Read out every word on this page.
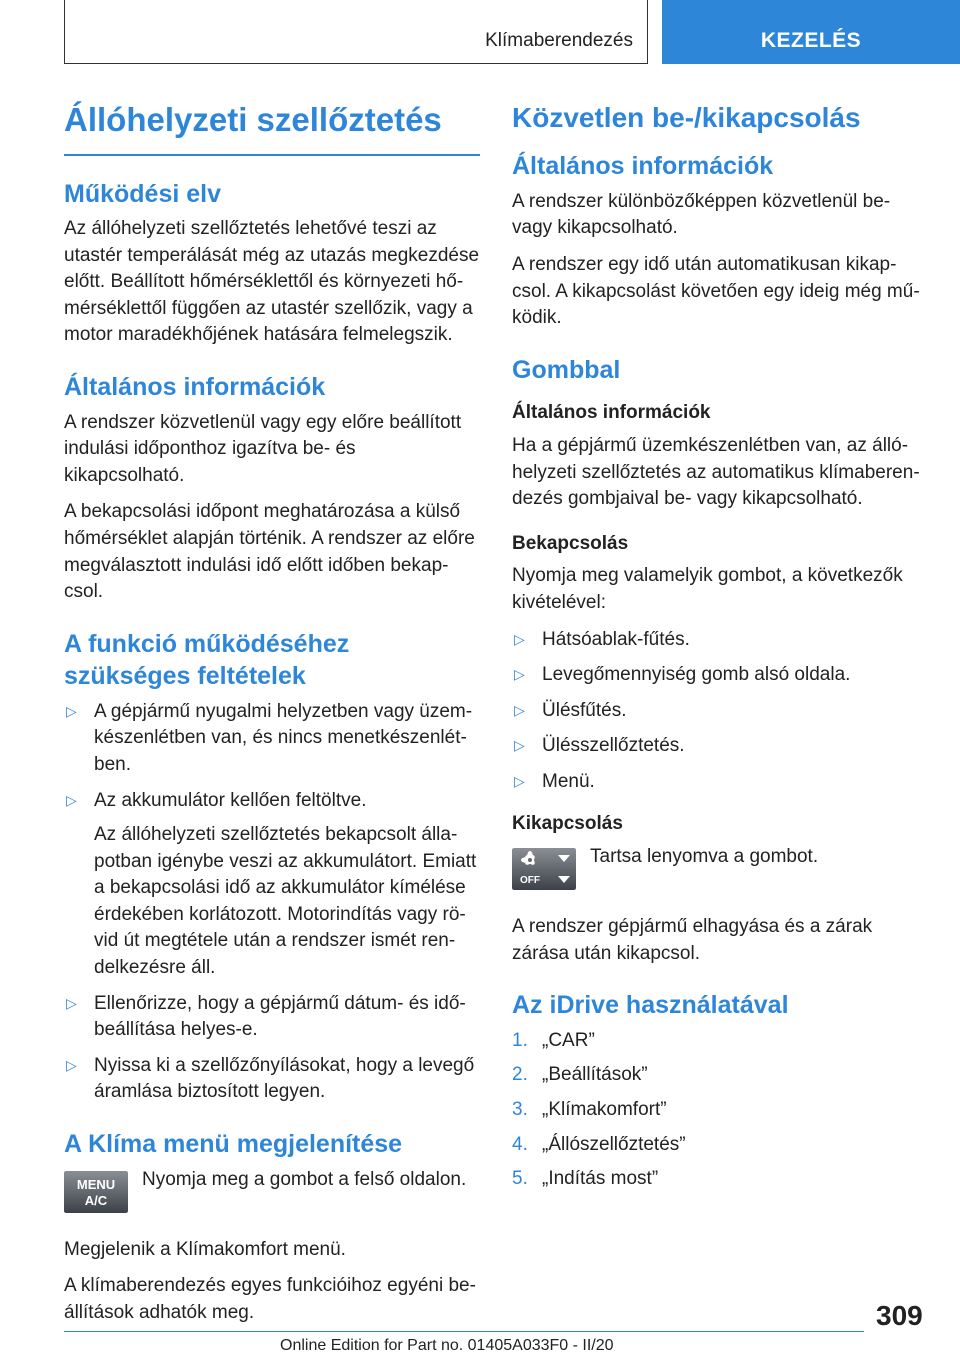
Klímaberendezés	KEZELÉS
Állóhelyzeti szellőztetés
Működési elv

Az állóhelyzeti szellőztetés lehetővé teszi az utastér temperálását még az utazás megkezdése előtt. Beállított hőmérséklettől és környezeti hőmérséklettől függően az utastér szellőzik, vagy a motor maradékhőjének hatására felmelegszik.

Általános információk

A rendszer közvetlenül vagy egy előre beállított indulási időponthoz igazítva be- és kikapcsolható.

A bekapcsolási időpont meghatározása a külső hőmérséklet alapján történik. A rendszer az előre megválasztott indulási idő előtt időben bekapcsol.

A funkció működéséhez szükséges feltételek
▷ A gépjármű nyugalmi helyzetben vagy üzemkészenlétben van, és nincs menetkészenlétben.
▷ Az akkumulátor kellően feltöltve.

Az állóhelyzeti szellőztetés bekapcsolt állapotban igénybe veszi az akkumulátort. Emiatt a bekapcsolási idő az akkumulátor kímélése érdekében korlátozott. Motorindítás vagy rövid út megtétele után a rendszer ismét rendelkezésre áll.

▷ Ellenőrizze, hogy a gépjármű dátum- és időbeállítása helyes-e.
▷ Nyissa ki a szellőzőnyílásokat, hogy a levegő áramlása biztosított legyen.
A Klíma menü megjelenítése
MENU
A/C
Nyomja meg a gombot a felső oldalon.

Megjelenik a Klímakomfort menü.

A klímaberendezés egyes funkcióihoz egyéni beállítások adhatók meg.

Közvetlen be-/kikapcsolás
Általános információk

A rendszer különbözőképpen közvetlenül be- vagy kikapcsolható.

A rendszer egy idő után automatikusan kikapcsol. A kikapcsolást követően egy ideig még működik.

Gombbal
Általános információk

Ha a gépjármű üzemkészenlétben van, az állóhelyzeti szellőztetés az automatikus klímaberendezés gombjaival be- vagy kikapcsolható.

Bekapcsolás

Nyomja meg valamelyik gombot, a következők kivételével:

▷ Hátsóablak-fűtés.
▷ Levegőmennyiség gomb alsó oldala.
▷ Ülésfűtés.
▷ Ülésszellőztetés.
▷ Menü.
Kikapcsolás
OFF
Tartsa lenyomva a gombot.

A rendszer gépjármű elhagyása és a zárak zárása után kikapcsol.

Az iDrive használatával
1. „CAR”
2. „Beállítások”
3. „Klímakomfort”
4. „Állószellőztetés”
5. „Indítás most”
309
Online Edition for Part no. 01405A033F0 - II/20
